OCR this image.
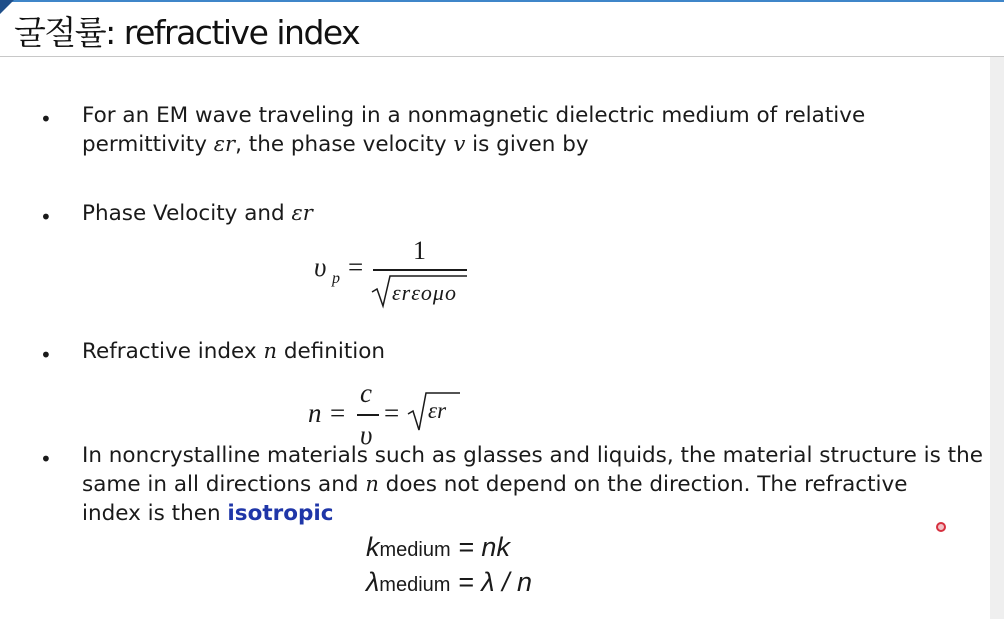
굴절률: refractive index
• For an EM wave traveling in a nonmagnetic dielectric medium of relative
permittivity εr, the phase velocity v is given by
• Phase Velocity and εr
υ p =
1
εrεoμo
• Refractive index n definition
n =
c
υ
= εr
• In noncrystalline materials such as glasses and liquids, the material structure is the
same in all directions and n does not depend on the direction. The refractive
index is then isotropic
kmedium = nk
λmedium = λ / n
